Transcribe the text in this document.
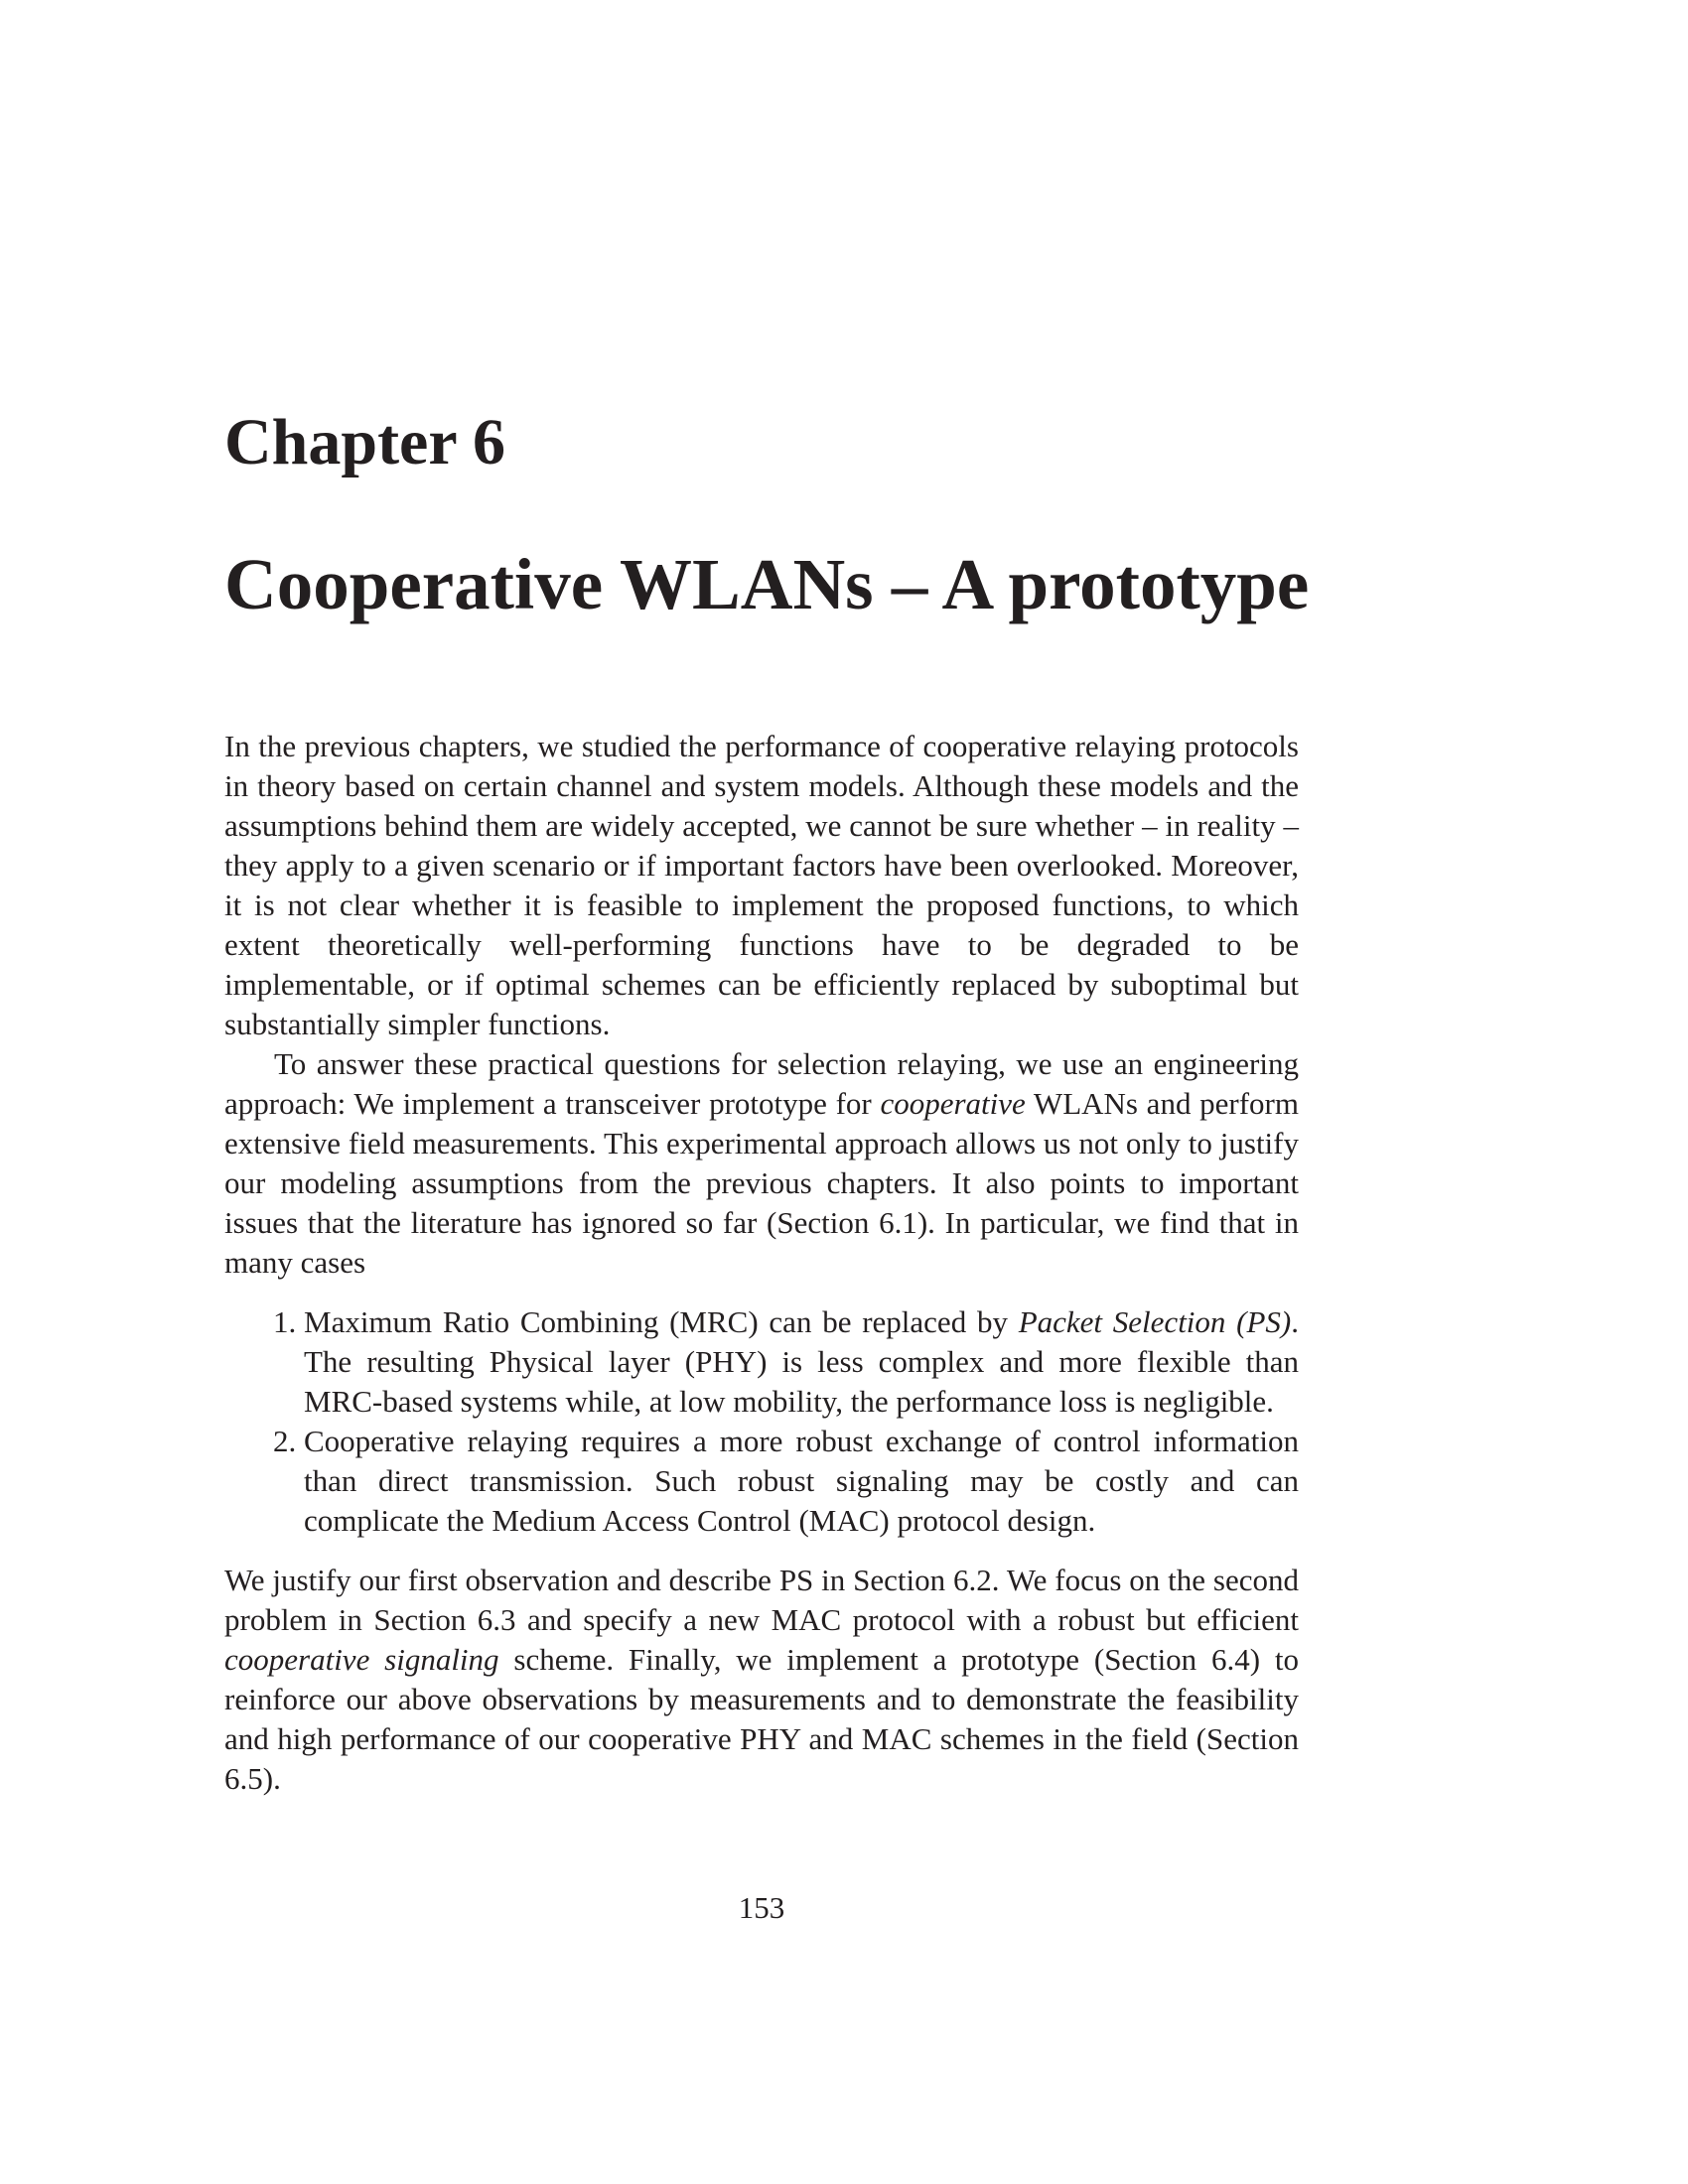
Chapter 6
Cooperative WLANs – A prototype

In the previous chapters, we studied the performance of cooperative relaying protocols in theory based on certain channel and system models. Although these models and the assumptions behind them are widely accepted, we cannot be sure whether – in reality – they apply to a given scenario or if important factors have been overlooked. Moreover, it is not clear whether it is feasible to implement the proposed functions, to which extent theoretically well-performing functions have to be degraded to be implementable, or if optimal schemes can be efficiently replaced by suboptimal but substantially simpler functions.

To answer these practical questions for selection relaying, we use an engineering approach: We implement a transceiver prototype for cooperative WLANs and perform extensive field measurements. This experimental approach allows us not only to justify our modeling assumptions from the previous chapters. It also points to important issues that the literature has ignored so far (Section 6.1). In particular, we find that in many cases

1. Maximum Ratio Combining (MRC) can be replaced by Packet Selection (PS). The resulting Physical layer (PHY) is less complex and more flexible than MRC-based systems while, at low mobility, the performance loss is negligible.
2. Cooperative relaying requires a more robust exchange of control information than direct transmission. Such robust signaling may be costly and can complicate the Medium Access Control (MAC) protocol design.

We justify our first observation and describe PS in Section 6.2. We focus on the second problem in Section 6.3 and specify a new MAC protocol with a robust but efficient cooperative signaling scheme. Finally, we implement a prototype (Section 6.4) to reinforce our above observations by measurements and to demonstrate the feasibility and high performance of our cooperative PHY and MAC schemes in the field (Section 6.5).

153
